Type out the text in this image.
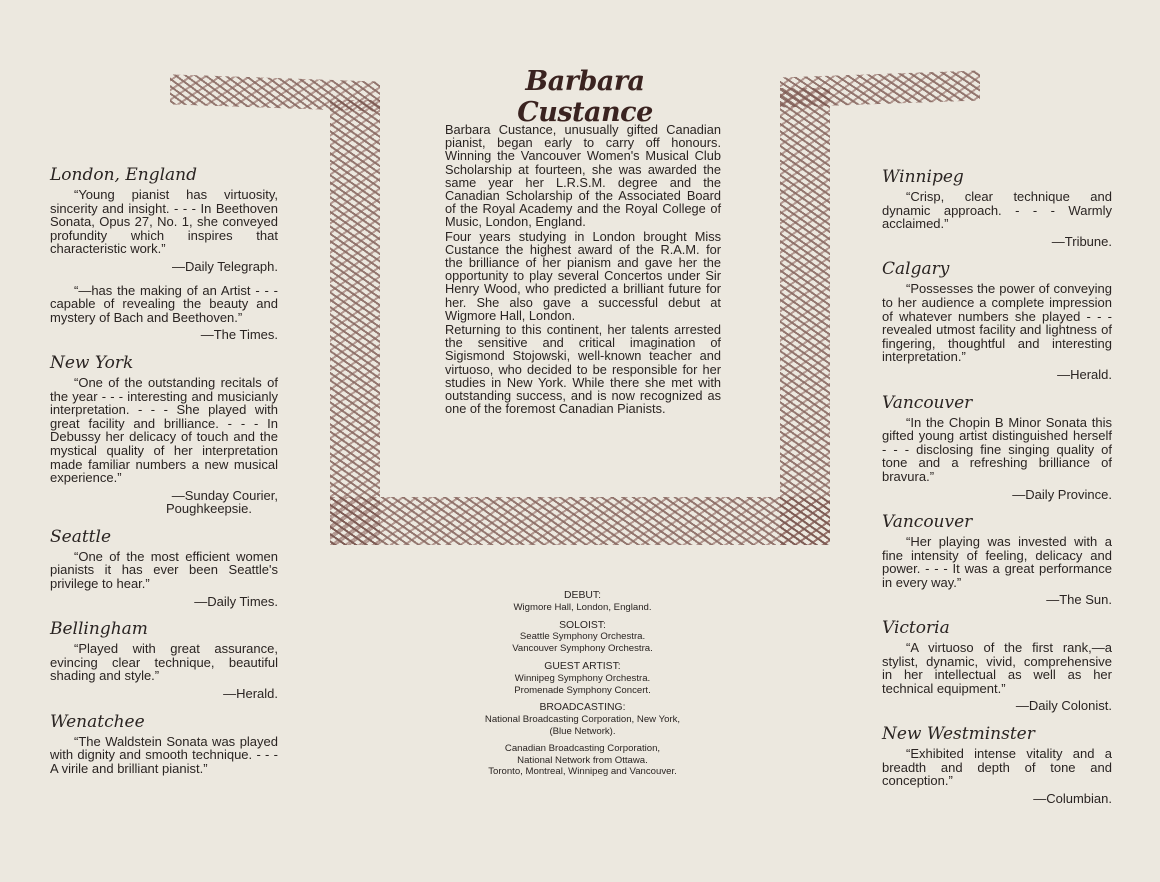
Barbara Custance
London, England

“Young pianist has virtuosity, sincerity and insight. - - - In Beethoven Sonata, Opus 27, No. 1, she conveyed profundity which inspires that characteristic work.”

—Daily Telegraph.

“—has the making of an Artist - - - capable of revealing the beauty and mystery of Bach and Beethoven.”

—The Times.
New York

“One of the outstanding recitals of the year - - - interesting and musicianly interpretation. - - - She played with great facility and brilliance. - - - In Debussy her delicacy of touch and the mystical quality of her interpretation made familiar numbers a new musical experience.”

—Sunday Courier,
Poughkeepsie.
Seattle

“One of the most efficient women pianists it has ever been Seattle's privilege to hear.”

—Daily Times.
Bellingham

“Played with great assurance, evincing clear technique, beautiful shading and style.”

—Herald.
Wenatchee

“The Waldstein Sonata was played with dignity and smooth technique. - - - A virile and brilliant pianist.”

Winnipeg

“Crisp, clear technique and dynamic approach. - - - Warmly acclaimed.”

—Tribune.
Calgary

“Possesses the power of conveying to her audience a complete impression of whatever numbers she played - - - revealed utmost facility and lightness of fingering, thoughtful and interesting interpretation.”

—Herald.
Vancouver

“In the Chopin B Minor Sonata this gifted young artist distinguished herself - - - disclosing fine singing quality of tone and a refreshing brilliance of bravura.”

—Daily Province.
Vancouver

“Her playing was invested with a fine intensity of feeling, delicacy and power. - - - It was a great performance in every way.”

—The Sun.
Victoria

“A virtuoso of the first rank,—a stylist, dynamic, vivid, comprehensive in her intellectual as well as her technical equipment.”

—Daily Colonist.
New Westminster

“Exhibited intense vitality and a breadth and depth of tone and conception.”

—Columbian.

Barbara Custance, unusually gifted Canadian pianist, began early to carry off honours. Winning the Vancouver Women's Musical Club Scholarship at fourteen, she was awarded the same year her L.R.S.M. degree and the Canadian Scholarship of the Associated Board of the Royal Academy and the Royal College of Music, London, England.

Four years studying in London brought Miss Custance the highest award of the R.A.M. for the brilliance of her pianism and gave her the opportunity to play several Concertos under Sir Henry Wood, who predicted a brilliant future for her. She also gave a successful debut at Wigmore Hall, London.

Returning to this continent, her talents arrested the sensitive and critical imagination of Sigismond Stojowski, well-known teacher and virtuoso, who decided to be responsible for her studies in New York. While there she met with outstanding success, and is now recognized as one of the foremost Canadian Pianists.

DEBUT:
Wigmore Hall, London, England.
SOLOIST:
Seattle Symphony Orchestra.
Vancouver Symphony Orchestra.
GUEST ARTIST:
Winnipeg Symphony Orchestra.
Promenade Symphony Concert.
BROADCASTING:
National Broadcasting Corporation, New York,
(Blue Network).
Canadian Broadcasting Corporation,
National Network from Ottawa.
Toronto, Montreal, Winnipeg and Vancouver.
